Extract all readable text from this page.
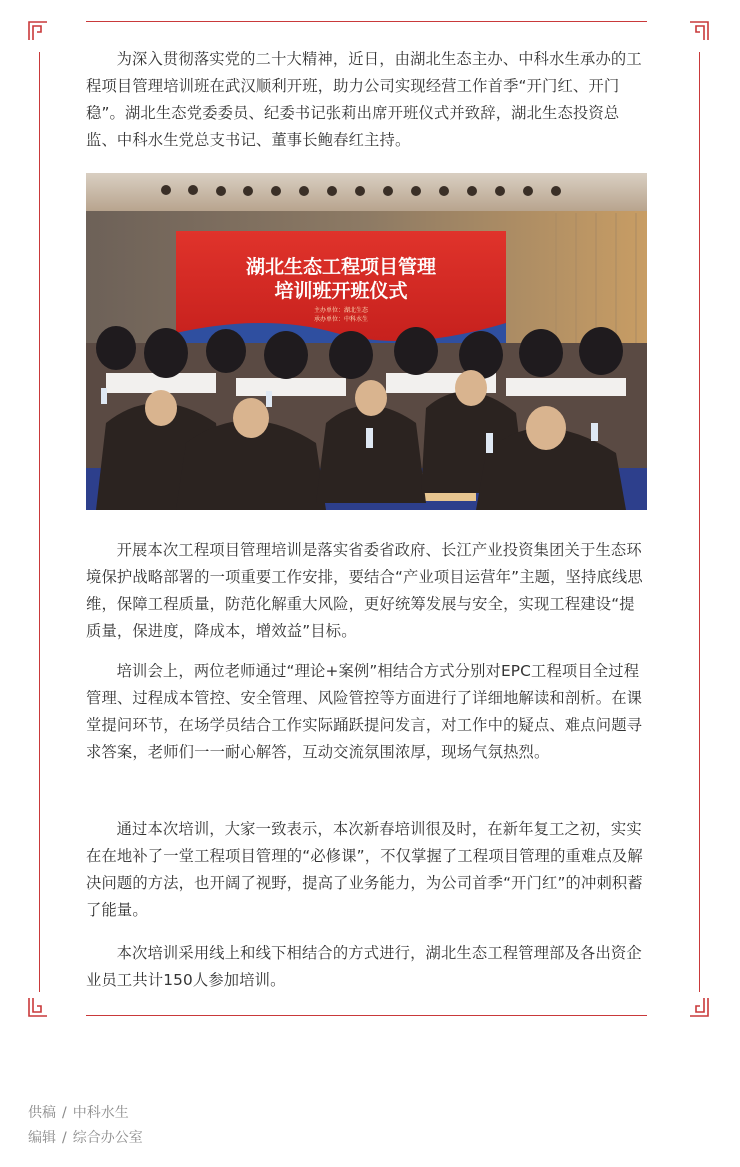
为深入贯彻落实党的二十大精神，近日，由湖北生态主办、中科水生承办的工程项目管理培训班在武汉顺利开班，助力公司实现经营工作首季“开门红、开门稳”。湖北生态党委委员、纪委书记张莉出席开班仪式并致辞，湖北生态投资总监、中科水生党总支书记、董事长鲍春红主持。

湖北生态工程项目管理
培训班开班仪式
主办单位：湖北生态
承办单位：中科水生

开展本次工程项目管理培训是落实省委省政府、长江产业投资集团关于生态环境保护战略部署的一项重要工作安排，要结合“产业项目运营年”主题，坚持底线思维，保障工程质量，防范化解重大风险，更好统筹发展与安全，实现工程建设“提质量，保进度，降成本，增效益”目标。

培训会上，两位老师通过“理论+案例”相结合方式分别对EPC工程项目全过程管理、过程成本管控、安全管理、风险管控等方面进行了详细地解读和剖析。在课堂提问环节，在场学员结合工作实际踊跃提问发言，对工作中的疑点、难点问题寻求答案，老师们一一耐心解答，互动交流氛围浓厚，现场气氛热烈。

通过本次培训，大家一致表示，本次新春培训很及时，在新年复工之初，实实在在地补了一堂工程项目管理的“必修课”，不仅掌握了工程项目管理的重难点及解决问题的方法，也开阔了视野，提高了业务能力，为公司首季“开门红”的冲刺积蓄了能量。

本次培训采用线上和线下相结合的方式进行，湖北生态工程管理部及各出资企业员工共计150人参加培训。

供稿 / 中科水生
编辑 / 综合办公室
